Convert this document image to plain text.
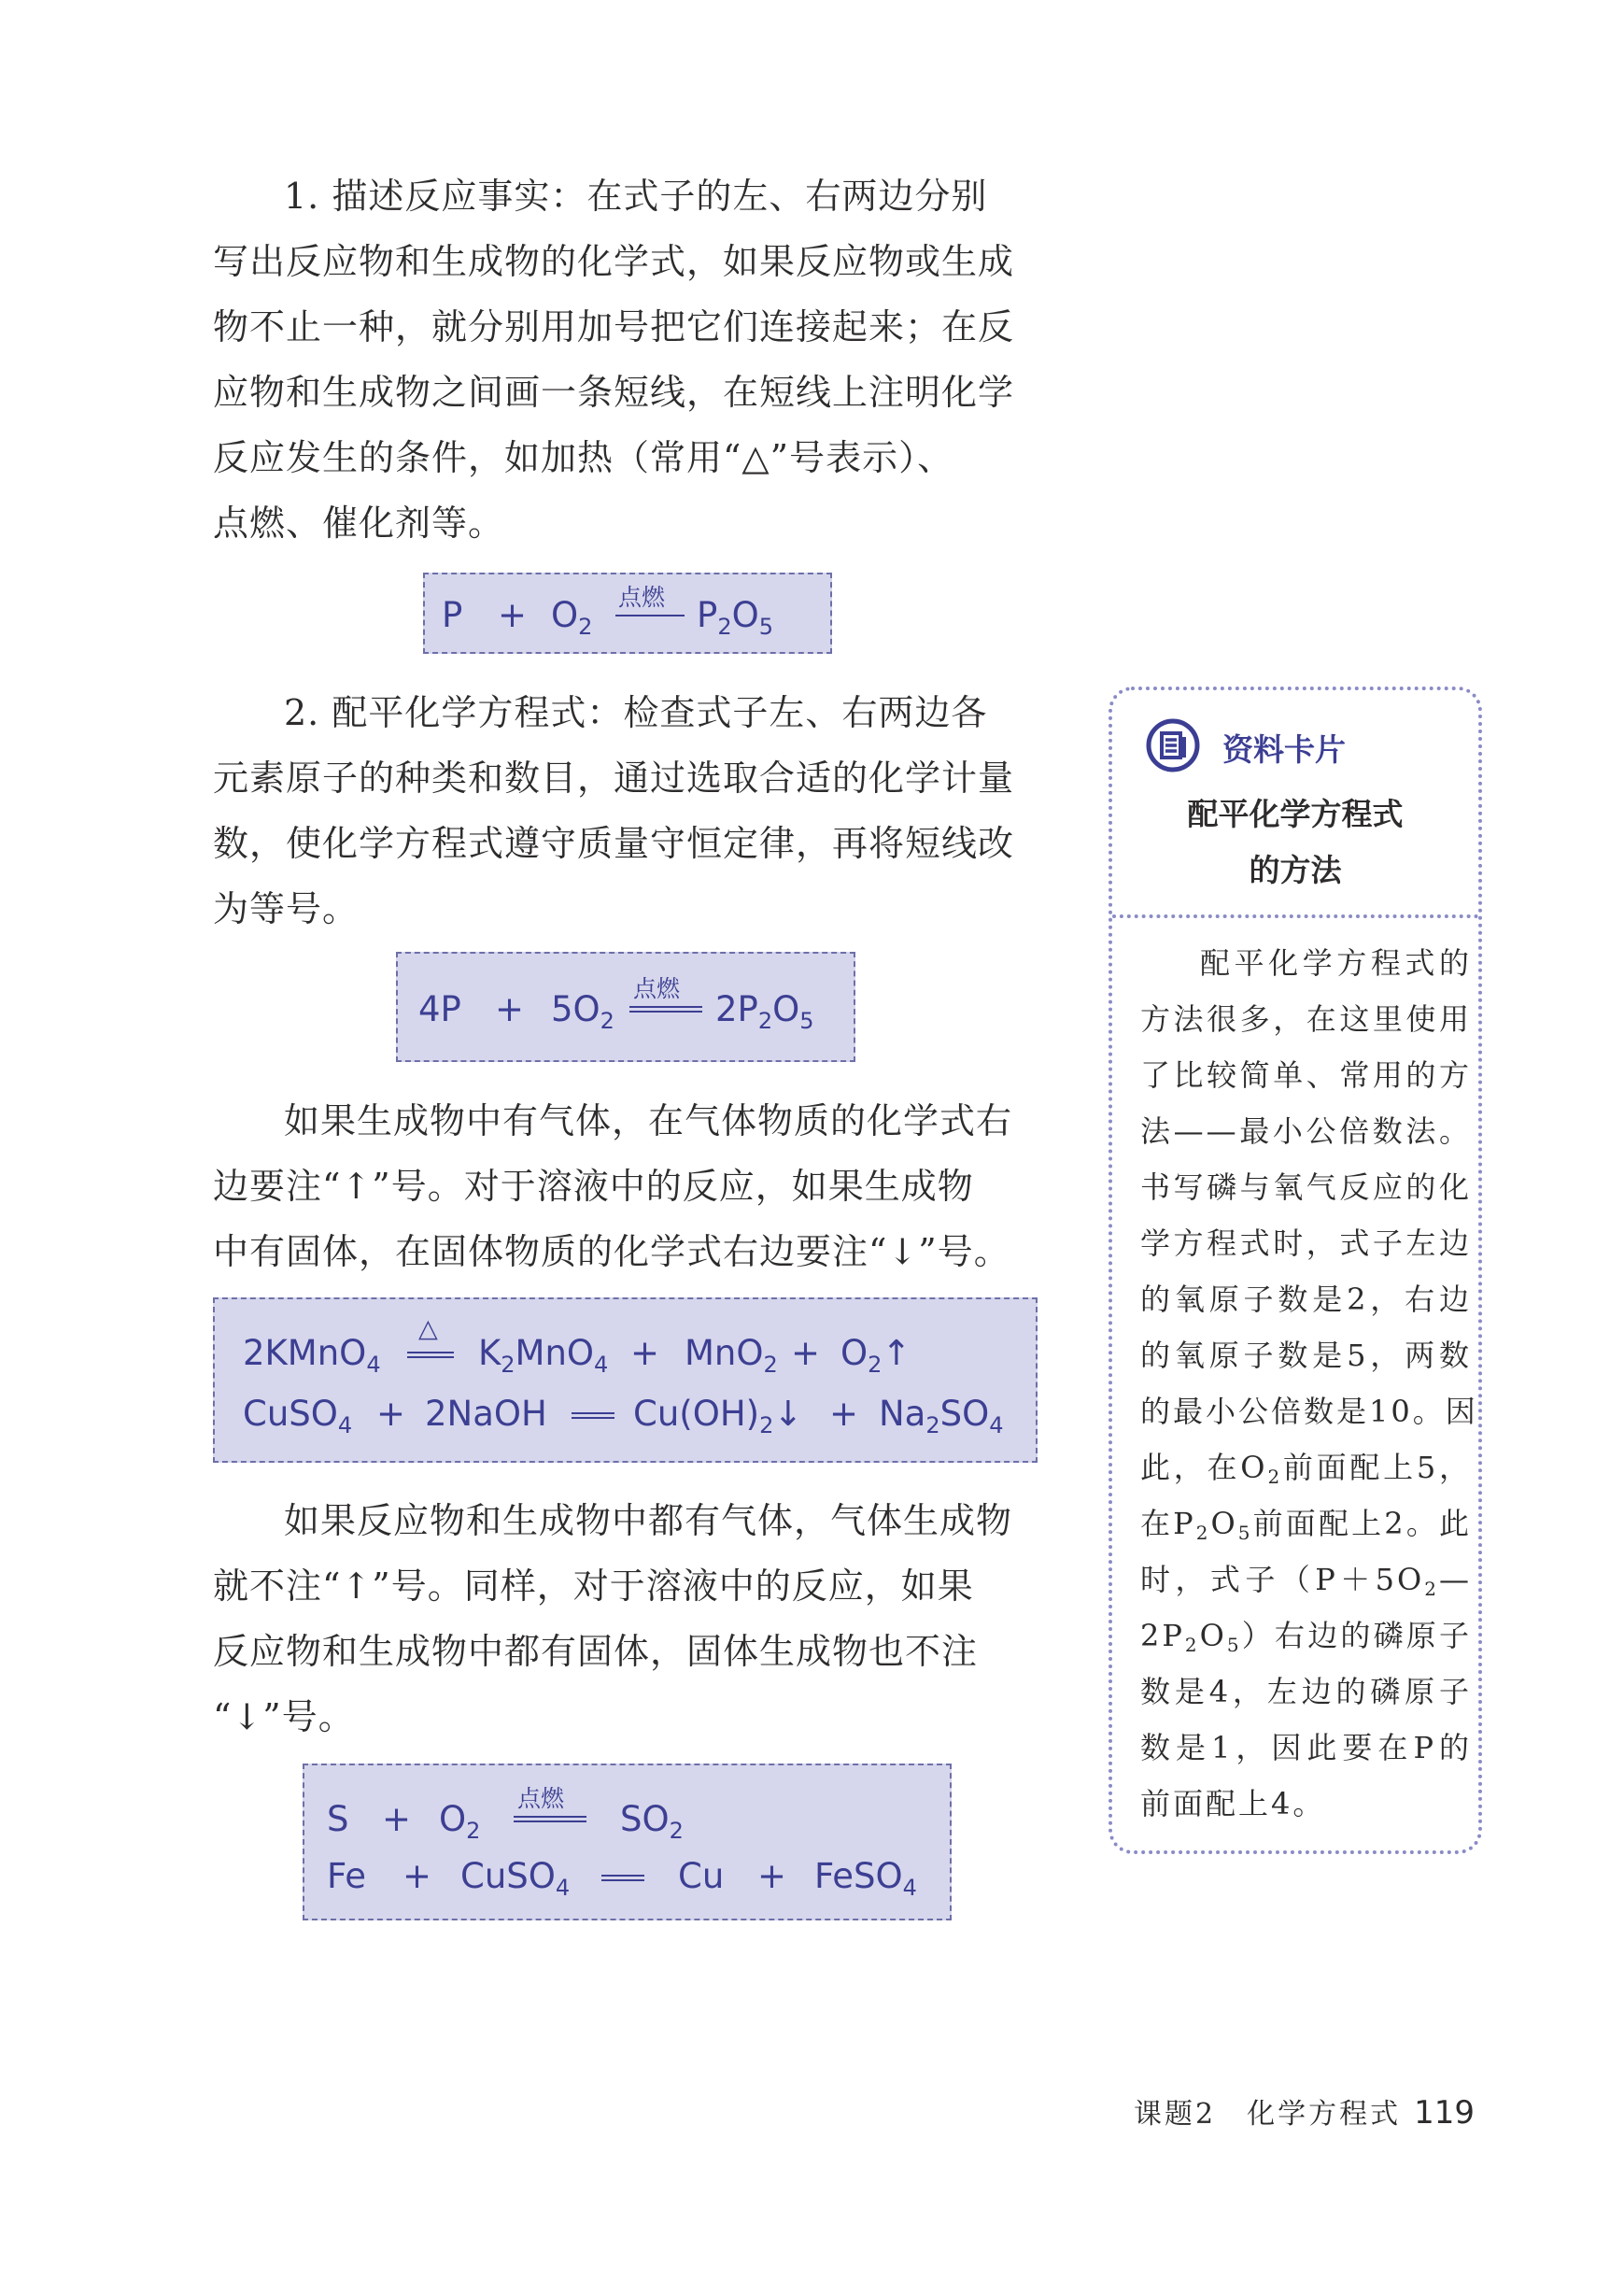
1. 描述反应事实：在式子的左、右两边分别
写出反应物和生成物的化学式，如果反应物或生成
物不止一种，就分别用加号把它们连接起来；在反
应物和生成物之间画一条短线，在短线上注明化学
反应发生的条件，如加热（常用“△”号表示）、
点燃、催化剂等。
$P + O_2$
点燃 $P_2O_5$
2. 配平化学方程式：检查式子左、右两边各
元素原子的种类和数目，通过选取合适的化学计量
数，使化学方程式遵守质量守恒定律，再将短线改
为等号。
$4P + 5O_2$
点燃
$2P_2O_5$
如果生成物中有气体，在气体物质的化学式右
边要注“↑”号。对于溶液中的反应，如果生成物
中有固体，在固体物质的化学式右边要注“↓”号。
2KMnO$_4$
△
$K_2MnO_4 + MnO_2$ + $O_2↑$
CuSO$_4$ + 2NaOH $Cu(OH)_2↓ + Na_2SO_4$
如果反应物和生成物中都有气体，气体生成物
就不注“↑”号。同样，对于溶液中的反应，如果
反应物和生成物中都有固体，固体生成物也不注
“↓”号。
$S + O_2$
点燃
$SO_2$
Fe + CuSO$_4$	Cu + FeSO$_4$
资料卡片
配平化学方程式
的方法
配平化学方程式的
方法很多，在这里使用
了比较简单、常用的方
法——最小公倍数法。
书写磷与氧气反应的化
学方程式时，式子左边
的氧原子数是2，右边
的氧原子数是5，两数
的最小公倍数是10。因
此，在$O_2$前面配上5，
在$P_2O_5$前面配上2。此
时，式子（$P+5O_2—$
$2P_2O_5$）右边的磷原子
数是4，左边的磷原子
数是1，因此要在P的
前面配上4。
课题2　化学方程式 119
